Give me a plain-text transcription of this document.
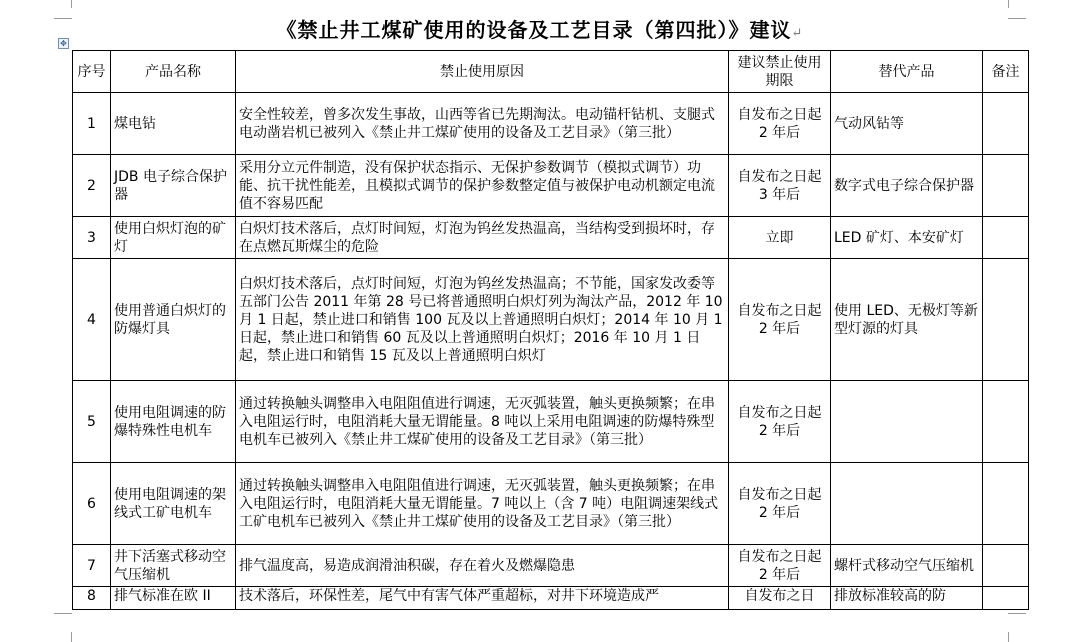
《禁止井工煤矿使用的设备及工艺目录（第四批）》建议↵
✥
序号	产品名称	禁止使用原因	建议禁止使用期限	替代产品	备注
1	煤电钻	安全性较差，曾多次发生事故，山西等省已先期淘汰。电动锚杆钻机、支腿式电动凿岩机已被列入《禁止井工煤矿使用的设备及工艺目录》（第三批）	自发布之日起 2 年后	气动风钻等	
2	JDB 电子综合保护器	采用分立元件制造，没有保护状态指示、无保护参数调节（模拟式调节）功能、抗干扰性能差，且模拟式调节的保护参数整定值与被保护电动机额定电流值不容易匹配	自发布之日起 3 年后	数字式电子综合保护器	
3	使用白炽灯泡的矿灯	白炽灯技术落后，点灯时间短，灯泡为钨丝发热温高，当结构受到损坏时，存在点燃瓦斯煤尘的危险	立即	LED 矿灯、本安矿灯	
4	使用普通白炽灯的防爆灯具	白炽灯技术落后，点灯时间短，灯泡为钨丝发热温高；不节能，国家发改委等五部门公告 2011 年第 28 号已将普通照明白炽灯列为淘汰产品，2012 年 10 月 1 日起，禁止进口和销售 100 瓦及以上普通照明白炽灯；2014 年 10 月 1 日起，禁止进口和销售 60 瓦及以上普通照明白炽灯；2016 年 10 月 1 日起，禁止进口和销售 15 瓦及以上普通照明白炽灯	自发布之日起 2 年后	使用 LED、无极灯等新型灯源的灯具	
5	使用电阻调速的防爆特殊性电机车	通过转换触头调整串入电阻阻值进行调速，无灭弧装置，触头更换频繁；在串入电阻运行时，电阻消耗大量无谓能量。8 吨以上采用电阻调速的防爆特殊型电机车已被列入《禁止井工煤矿使用的设备及工艺目录》（第三批）	自发布之日起 2 年后		
6	使用电阻调速的架线式工矿电机车	通过转换触头调整串入电阻阻值进行调速，无灭弧装置，触头更换频繁；在串入电阻运行时，电阻消耗大量无谓能量。7 吨以上（含 7 吨）电阻调速架线式工矿电机车已被列入《禁止井工煤矿使用的设备及工艺目录》（第三批）	自发布之日起 2 年后		
7	井下活塞式移动空气压缩机	排气温度高，易造成润滑油积碳，存在着火及燃爆隐患	自发布之日起 2 年后	螺杆式移动空气压缩机	
8	排气标准在欧 II	技术落后，环保性差，尾气中有害气体严重超标，对井下环境造成严	自发布之日	排放标准较高的防	
